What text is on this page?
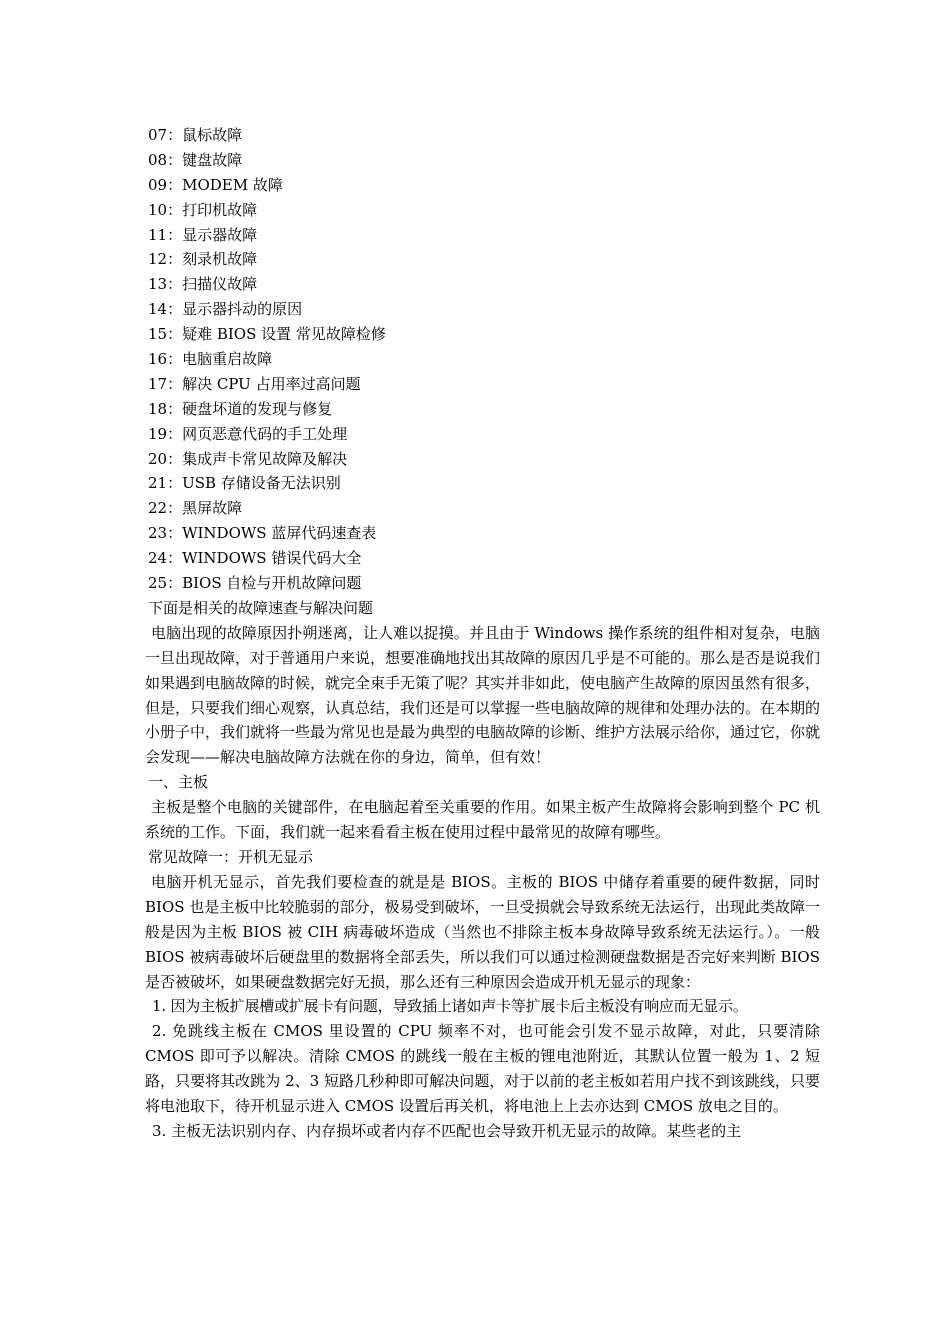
07：鼠标故障
08：键盘故障
09：MODEM 故障
10：打印机故障
11：显示器故障
12：刻录机故障
13：扫描仪故障
14：显示器抖动的原因
15：疑难 BIOS 设置 常见故障检修
16：电脑重启故障
17：解决 CPU 占用率过高问题
18：硬盘坏道的发现与修复
19：网页恶意代码的手工处理
20：集成声卡常见故障及解决
21：USB 存储设备无法识别
22：黑屏故障
23：WINDOWS 蓝屏代码速查表
24：WINDOWS 错误代码大全
25：BIOS 自检与开机故障问题
下面是相关的故障速查与解决问题

电脑出现的故障原因扑朔迷离，让人难以捉摸。并且由于 Windows 操作系统的组件相对复杂，电脑一旦出现故障，对于普通用户来说，想要准确地找出其故障的原因几乎是不可能的。那么是否是说我们如果遇到电脑故障的时候，就完全束手无策了呢？其实并非如此，使电脑产生故障的原因虽然有很多，但是，只要我们细心观察，认真总结，我们还是可以掌握一些电脑故障的规律和处理办法的。在本期的小册子中，我们就将一些最为常见也是最为典型的电脑故障的诊断、维护方法展示给你，通过它，你就会发现——解决电脑故障方法就在你的身边，简单，但有效！

一、主板

主板是整个电脑的关键部件，在电脑起着至关重要的作用。如果主板产生故障将会影响到整个 PC 机系统的工作。下面，我们就一起来看看主板在使用过程中最常见的故障有哪些。

常见故障一：开机无显示

电脑开机无显示，首先我们要检查的就是是 BIOS。主板的 BIOS 中储存着重要的硬件数据，同时 BIOS 也是主板中比较脆弱的部分，极易受到破坏，一旦受损就会导致系统无法运行，出现此类故障一般是因为主板 BIOS 被 CIH 病毒破坏造成（当然也不排除主板本身故障导致系统无法运行。）。一般 BIOS 被病毒破坏后硬盘里的数据将全部丢失，所以我们可以通过检测硬盘数据是否完好来判断 BIOS 是否被破坏，如果硬盘数据完好无损，那么还有三种原因会造成开机无显示的现象：

1. 因为主板扩展槽或扩展卡有问题，导致插上诸如声卡等扩展卡后主板没有响应而无显示。

2. 免跳线主板在 CMOS 里设置的 CPU 频率不对，也可能会引发不显示故障，对此，只要清除 CMOS 即可予以解决。清除 CMOS 的跳线一般在主板的锂电池附近，其默认位置一般为 1、2 短路，只要将其改跳为 2、3 短路几秒种即可解决问题，对于以前的老主板如若用户找不到该跳线，只要将电池取下，待开机显示进入 CMOS 设置后再关机，将电池上上去亦达到 CMOS 放电之目的。

3. 主板无法识别内存、内存损坏或者内存不匹配也会导致开机无显示的故障。某些老的主
